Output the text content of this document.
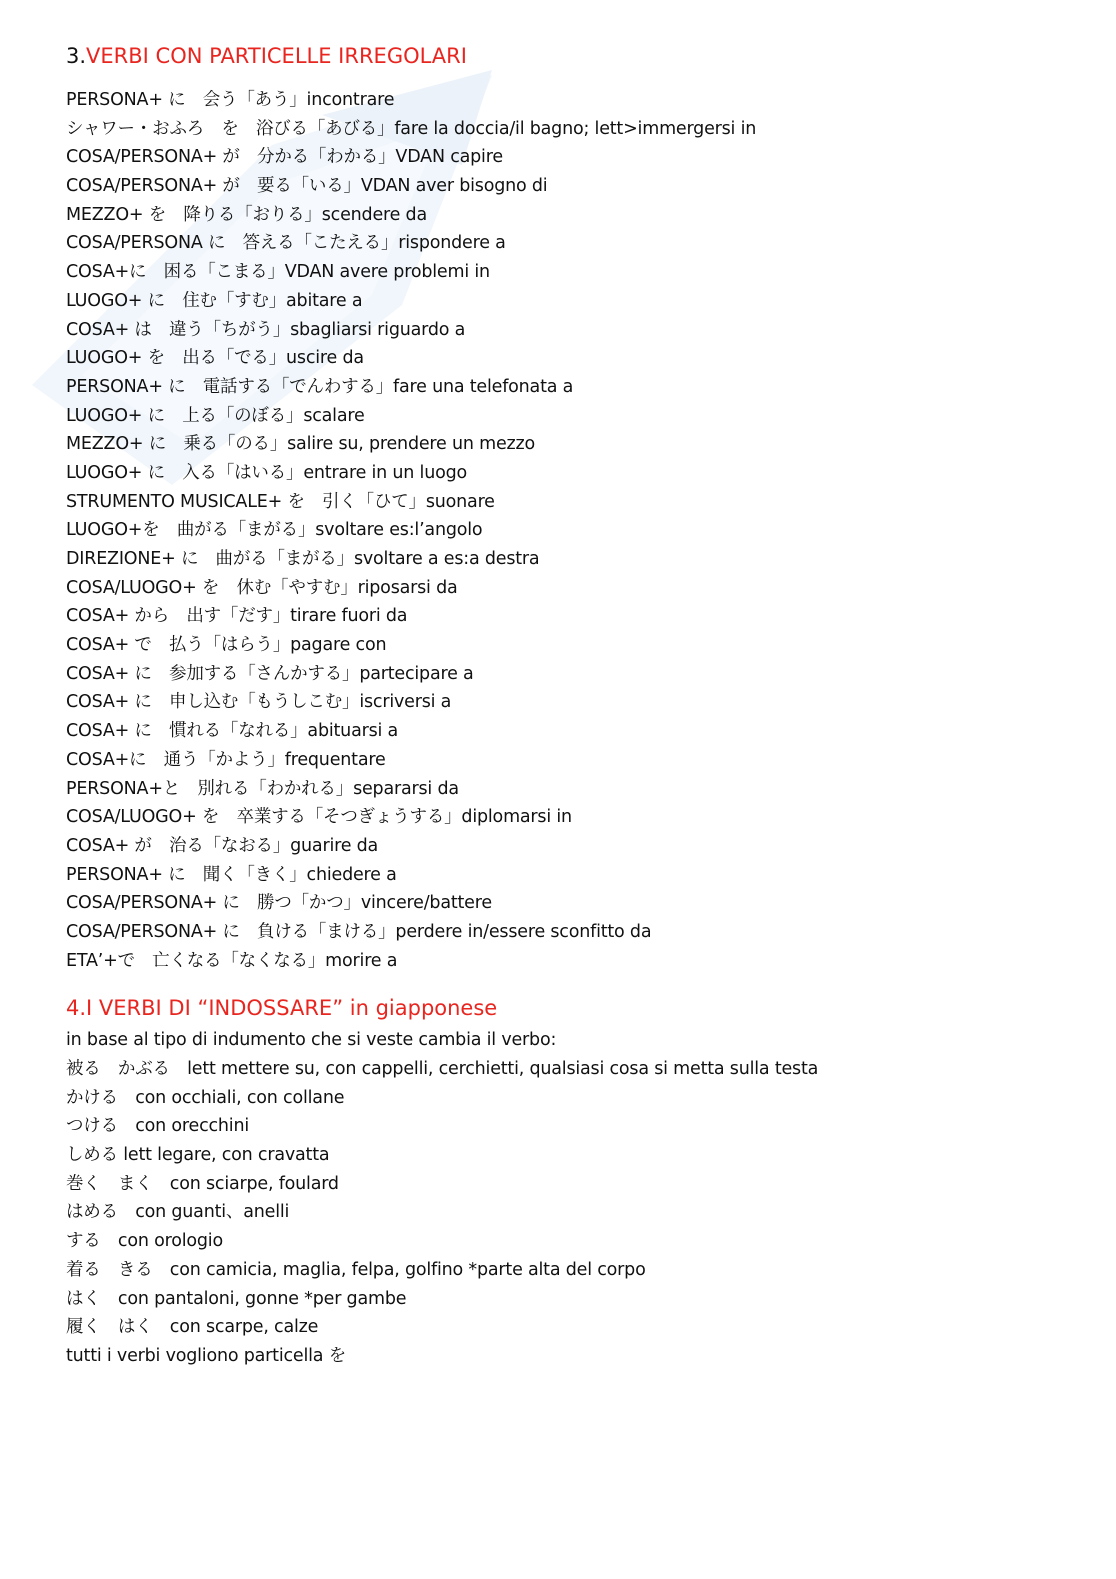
3.VERBI CON PARTICELLE IRREGOLARI
PERSONA+ に　会う「あう」incontrare
シャワー・おふろ　を　浴びる「あびる」fare la doccia/il bagno; lett>immergersi in
COSA/PERSONA+ が　分かる「わかる」VDAN capire
COSA/PERSONA+ が　要る「いる」VDAN aver bisogno di
MEZZO+ を　降りる「おりる」scendere da
COSA/PERSONA に　答える「こたえる」rispondere a
COSA+に　困る「こまる」VDAN avere problemi in
LUOGO+ に　住む「すむ」abitare a
COSA+ は　違う「ちがう」sbagliarsi riguardo a
LUOGO+ を　出る「でる」uscire da
PERSONA+ に　電話する「でんわする」fare una telefonata a
LUOGO+ に　上る「のぼる」scalare
MEZZO+ に　乗る「のる」salire su, prendere un mezzo
LUOGO+ に　入る「はいる」entrare in un luogo
STRUMENTO MUSICALE+ を　引く「ひて」suonare
LUOGO+を　曲がる「まがる」svoltare es:l’angolo
DIREZIONE+ に　曲がる「まがる」svoltare a es:a destra
COSA/LUOGO+ を　休む「やすむ」riposarsi da
COSA+ から　出す「だす」tirare fuori da
COSA+ で　払う「はらう」pagare con
COSA+ に　参加する「さんかする」partecipare a
COSA+ に　申し込む「もうしこむ」iscriversi a
COSA+ に　慣れる「なれる」abituarsi a
COSA+に　通う「かよう」frequentare
PERSONA+と　別れる「わかれる」separarsi da
COSA/LUOGO+ を　卒業する「そつぎょうする」diplomarsi in
COSA+ が　治る「なおる」guarire da
PERSONA+ に　聞く「きく」chiedere a
COSA/PERSONA+ に　勝つ「かつ」vincere/battere
COSA/PERSONA+ に　負ける「まける」perdere in/essere sconfitto da
ETA’+で　亡くなる「なくなる」morire a
4.I VERBI DI “INDOSSARE” in giapponese
in base al tipo di indumento che si veste cambia il verbo:
被る　かぶる　lett mettere su, con cappelli, cerchietti, qualsiasi cosa si metta sulla testa
かける　con occhiali, con collane
つける　con orecchini
しめる lett legare, con cravatta
巻く　まく　con sciarpe, foulard
はめる　con guanti、anelli
する　con orologio
着る　きる　con camicia, maglia, felpa, golfino *parte alta del corpo
はく　con pantaloni, gonne *per gambe
履く　はく　con scarpe, calze
tutti i verbi vogliono particella を
